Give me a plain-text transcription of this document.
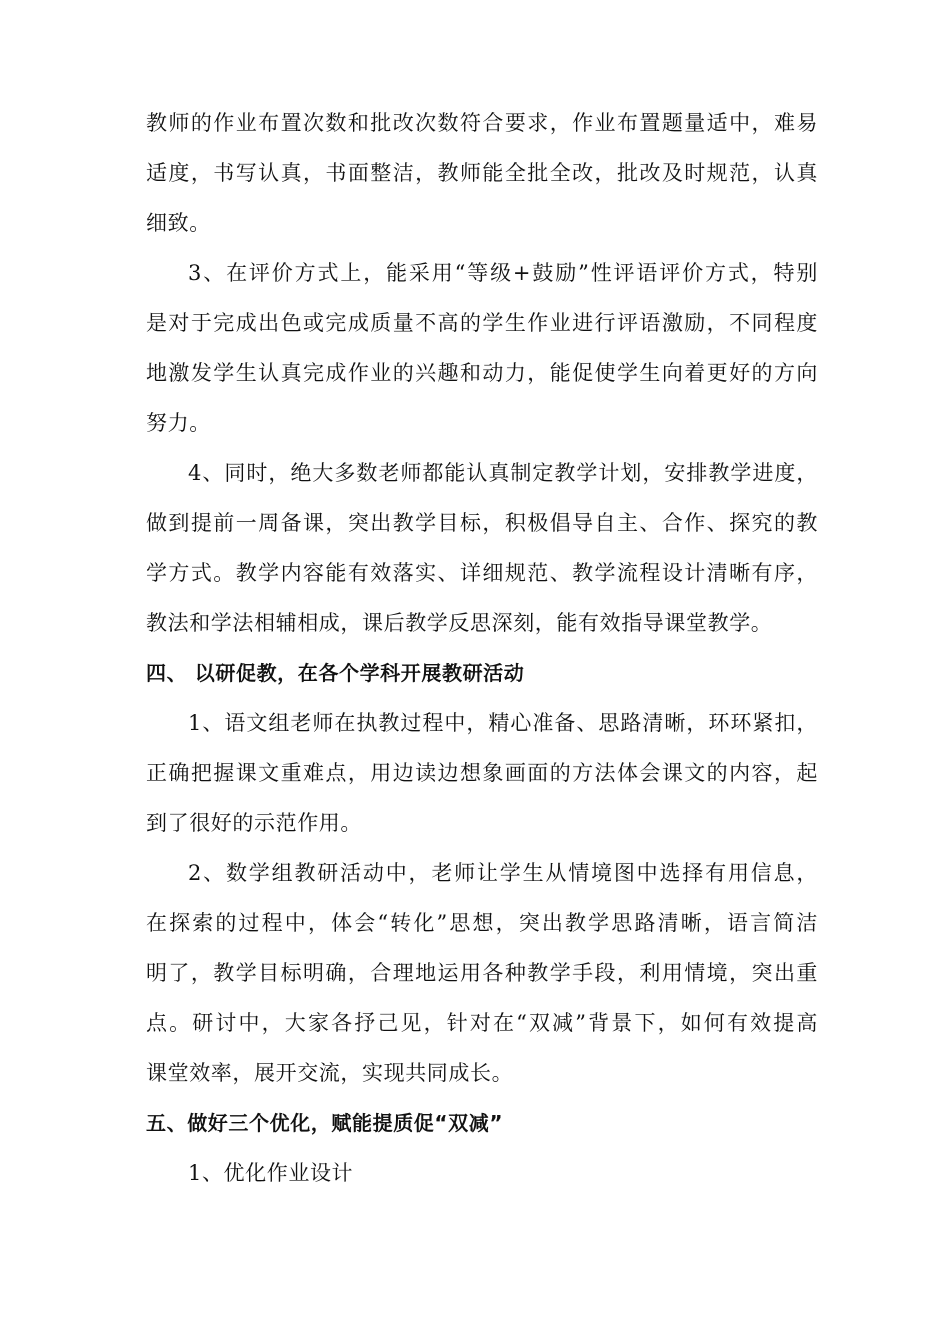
教师的作业布置次数和批改次数符合要求，作业布置题量适中，难易
适度，书写认真，书面整洁，教师能全批全改，批改及时规范，认真
细致。
3、在评价方式上，能采用“等级+鼓励”性评语评价方式，特别
是对于完成出色或完成质量不高的学生作业进行评语激励，不同程度
地激发学生认真完成作业的兴趣和动力，能促使学生向着更好的方向
努力。
4、同时，绝大多数老师都能认真制定教学计划，安排教学进度，
做到提前一周备课，突出教学目标，积极倡导自主、合作、探究的教
学方式。教学内容能有效落实、详细规范、教学流程设计清晰有序，
教法和学法相辅相成，课后教学反思深刻，能有效指导课堂教学。
四、 以研促教，在各个学科开展教研活动
1、语文组老师在执教过程中，精心准备、思路清晰，环环紧扣，
正确把握课文重难点，用边读边想象画面的方法体会课文的内容，起
到了很好的示范作用。
2、数学组教研活动中，老师让学生从情境图中选择有用信息，
在探索的过程中，体会“转化”思想，突出教学思路清晰，语言简洁
明了，教学目标明确，合理地运用各种教学手段，利用情境，突出重
点。研讨中，大家各抒己见，针对在“双减”背景下，如何有效提高
课堂效率，展开交流，实现共同成长。
五、做好三个优化，赋能提质促“双减”
1、优化作业设计
